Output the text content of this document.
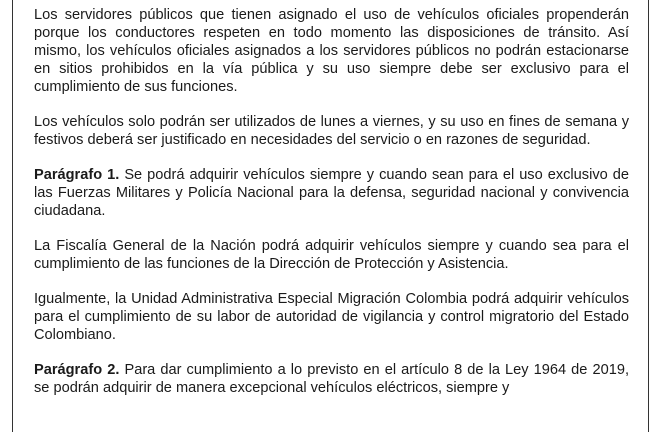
Los servidores públicos que tienen asignado el uso de vehículos oficiales propenderán porque los conductores respeten en todo momento las disposiciones de tránsito. Así mismo, los vehículos oficiales asignados a los servidores públicos no podrán estacionarse en sitios prohibidos en la vía pública y su uso siempre debe ser exclusivo para el cumplimiento de sus funciones.

Los vehículos solo podrán ser utilizados de lunes a viernes, y su uso en fines de semana y festivos deberá ser justificado en necesidades del servicio o en razones de seguridad.

Parágrafo 1. Se podrá adquirir vehículos siempre y cuando sean para el uso exclusivo de las Fuerzas Militares y Policía Nacional para la defensa, seguridad nacional y convivencia ciudadana.

La Fiscalía General de la Nación podrá adquirir vehículos siempre y cuando sea para el cumplimiento de las funciones de la Dirección de Protección y Asistencia.

Igualmente, la Unidad Administrativa Especial Migración Colombia podrá adquirir vehículos para el cumplimiento de su labor de autoridad de vigilancia y control migratorio del Estado Colombiano.

Parágrafo 2. Para dar cumplimiento a lo previsto en el artículo 8 de la Ley 1964 de 2019, se podrán adquirir de manera excepcional vehículos eléctricos, siempre y
